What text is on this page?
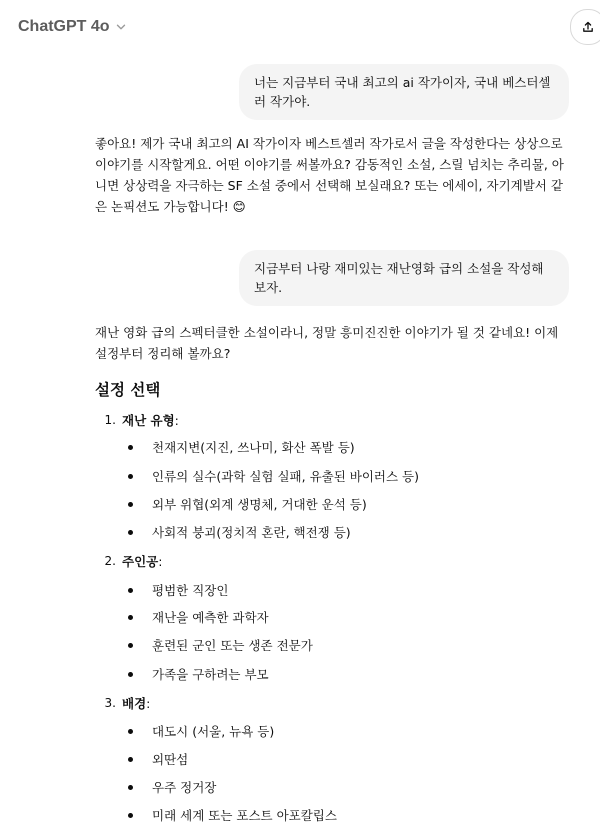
ChatGPT 4o
너는 지금부터 국내 최고의 ai 작가이자, 국내 베스터셀러 작가야.
좋아요! 제가 국내 최고의 AI 작가이자 베스트셀러 작가로서 글을 작성한다는 상상으로 이야기를 시작할게요. 어떤 이야기를 써볼까요? 감동적인 소설, 스릴 넘치는 추리물, 아니면 상상력을 자극하는 SF 소설 중에서 선택해 보실래요? 또는 에세이, 자기계발서 같은 논픽션도 가능합니다! 😊
지금부터 나랑 재미있는 재난영화 급의 소설을 작성해보자.
재난 영화 급의 스펙터클한 소설이라니, 정말 흥미진진한 이야기가 될 것 같네요! 이제 설정부터 정리해 볼까요?
설정 선택
1. 재난 유형 :
천재지변(지진, 쓰나미, 화산 폭발 등)
인류의 실수(과학 실험 실패, 유출된 바이러스 등)
외부 위협(외계 생명체, 거대한 운석 등)
사회적 붕괴(정치적 혼란, 핵전쟁 등)
2. 주인공 :
평범한 직장인
재난을 예측한 과학자
훈련된 군인 또는 생존 전문가
가족을 구하려는 부모
3. 배경 :
대도시 (서울, 뉴욕 등)
외딴섬
우주 정거장
미래 세계 또는 포스트 아포칼립스
